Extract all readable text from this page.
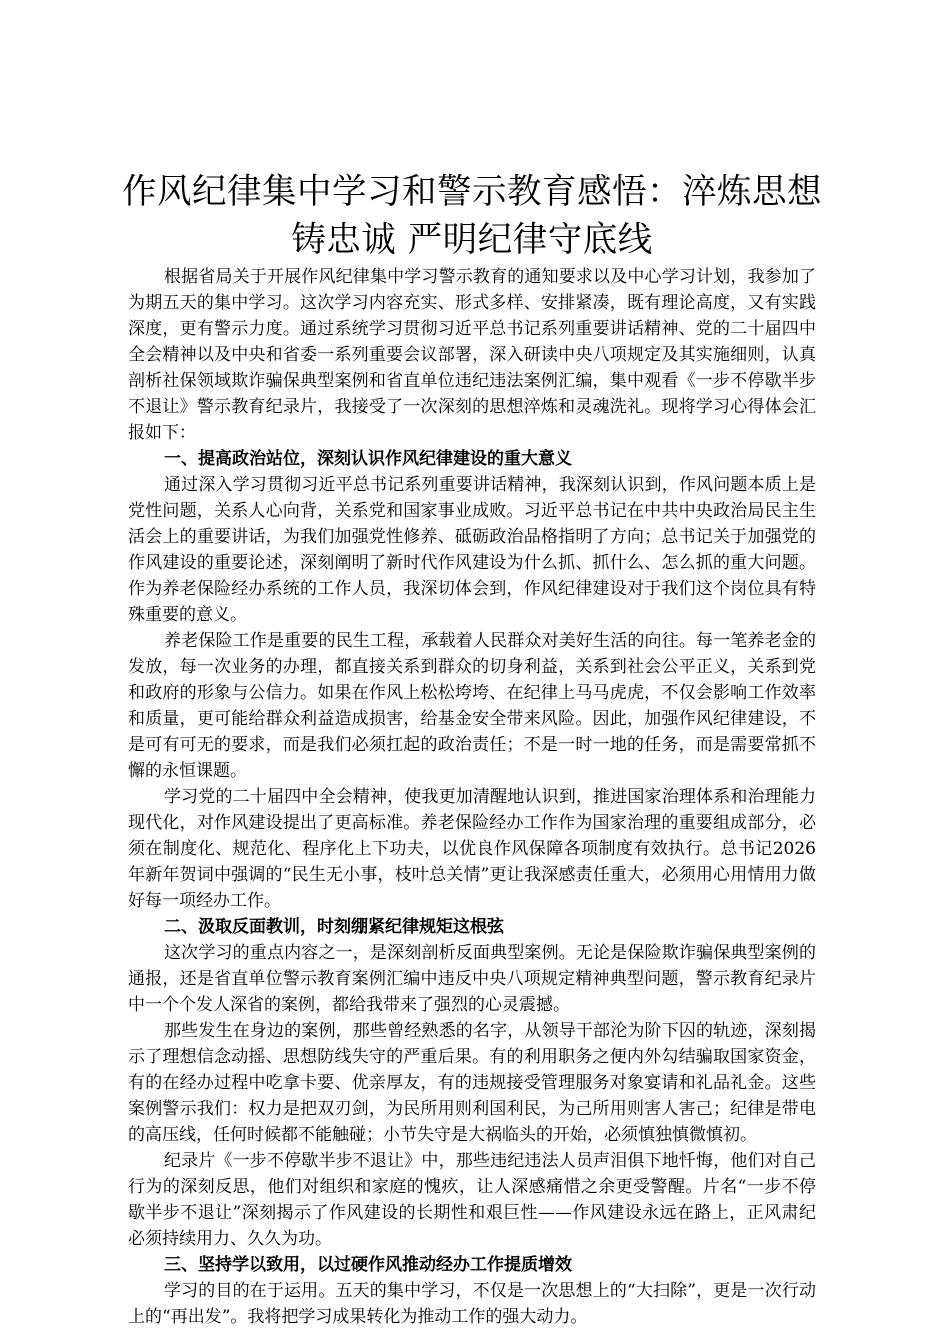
作风纪律集中学习和警示教育感悟：淬炼思想
铸忠诚 严明纪律守底线

根据省局关于开展作风纪律集中学习警示教育的通知要求以及中心学习计划，我参加了为期五天的集中学习。这次学习内容充实、形式多样、安排紧凑，既有理论高度，又有实践深度，更有警示力度。通过系统学习贯彻习近平总书记系列重要讲话精神、党的二十届四中全会精神以及中央和省委一系列重要会议部署，深入研读中央八项规定及其实施细则，认真剖析社保领域欺诈骗保典型案例和省直单位违纪违法案例汇编，集中观看《一步不停歇半步不退让》警示教育纪录片，我接受了一次深刻的思想淬炼和灵魂洗礼。现将学习心得体会汇报如下：

一、提高政治站位，深刻认识作风纪律建设的重大意义

通过深入学习贯彻习近平总书记系列重要讲话精神，我深刻认识到，作风问题本质上是党性问题，关系人心向背，关系党和国家事业成败。习近平总书记在中共中央政治局民主生活会上的重要讲话，为我们加强党性修养、砥砺政治品格指明了方向；总书记关于加强党的作风建设的重要论述，深刻阐明了新时代作风建设为什么抓、抓什么、怎么抓的重大问题。作为养老保险经办系统的工作人员，我深切体会到，作风纪律建设对于我们这个岗位具有特殊重要的意义。

养老保险工作是重要的民生工程，承载着人民群众对美好生活的向往。每一笔养老金的发放，每一次业务的办理，都直接关系到群众的切身利益，关系到社会公平正义，关系到党和政府的形象与公信力。如果在作风上松松垮垮、在纪律上马马虎虎，不仅会影响工作效率和质量，更可能给群众利益造成损害，给基金安全带来风险。因此，加强作风纪律建设，不是可有可无的要求，而是我们必须扛起的政治责任；不是一时一地的任务，而是需要常抓不懈的永恒课题。

学习党的二十届四中全会精神，使我更加清醒地认识到，推进国家治理体系和治理能力现代化，对作风建设提出了更高标准。养老保险经办工作作为国家治理的重要组成部分，必须在制度化、规范化、程序化上下功夫，以优良作风保障各项制度有效执行。总书记2026年新年贺词中强调的“民生无小事，枝叶总关情”更让我深感责任重大，必须用心用情用力做好每一项经办工作。

二、汲取反面教训，时刻绷紧纪律规矩这根弦

这次学习的重点内容之一，是深刻剖析反面典型案例。无论是保险欺诈骗保典型案例的通报，还是省直单位警示教育案例汇编中违反中央八项规定精神典型问题，警示教育纪录片中一个个发人深省的案例，都给我带来了强烈的心灵震撼。

那些发生在身边的案例，那些曾经熟悉的名字，从领导干部沦为阶下囚的轨迹，深刻揭示了理想信念动摇、思想防线失守的严重后果。有的利用职务之便内外勾结骗取国家资金，有的在经办过程中吃拿卡要、优亲厚友，有的违规接受管理服务对象宴请和礼品礼金。这些案例警示我们：权力是把双刃剑，为民所用则利国利民，为己所用则害人害己；纪律是带电的高压线，任何时候都不能触碰；小节失守是大祸临头的开始，必须慎独慎微慎初。

纪录片《一步不停歇半步不退让》中，那些违纪违法人员声泪俱下地忏悔，他们对自己行为的深刻反思，他们对组织和家庭的愧疚，让人深感痛惜之余更受警醒。片名“一步不停歇半步不退让”深刻揭示了作风建设的长期性和艰巨性——作风建设永远在路上，正风肃纪必须持续用力、久久为功。

三、坚持学以致用，以过硬作风推动经办工作提质增效

学习的目的在于运用。五天的集中学习，不仅是一次思想上的“大扫除”，更是一次行动上的“再出发”。我将把学习成果转化为推动工作的强大动力。
